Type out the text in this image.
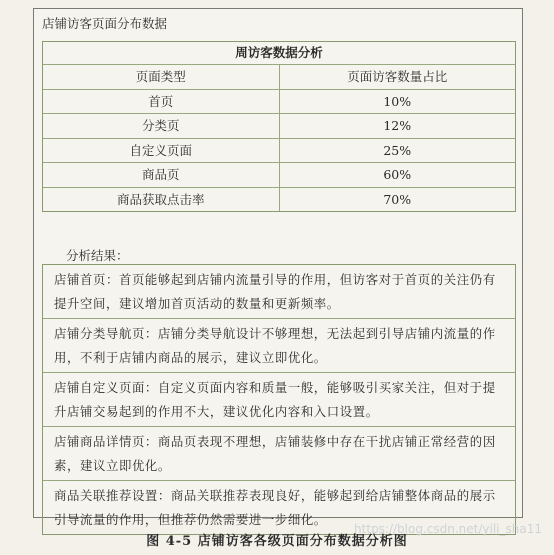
店铺访客页面分布数据
周访客数据分析
页面类型	页面访客数量占比
首页	10%
分类页	12%
自定义页面	25%
商品页	60%
商品获取点击率	70%
分析结果：
店铺首页：首页能够起到店铺内流量引导的作用，但访客对于首页的关注仍有提升空间，建议增加首页活动的数量和更新频率。
店铺分类导航页：店铺分类导航设计不够理想，无法起到引导店铺内流量的作用，不利于店铺内商品的展示，建议立即优化。
店铺自定义页面：自定义页面内容和质量一般，能够吸引买家关注，但对于提升店铺交易起到的作用不大，建议优化内容和入口设置。
店铺商品详情页：商品页表现不理想，店铺装修中存在干扰店铺正常经营的因素，建议立即优化。
商品关联推荐设置：商品关联推荐表现良好，能够起到给店铺整体商品的展示引导流量的作用，但推荐仍然需要进一步细化。
https://blog.csdn.net/yili_sha11
图 4-5 店铺访客各级页面分布数据分析图
